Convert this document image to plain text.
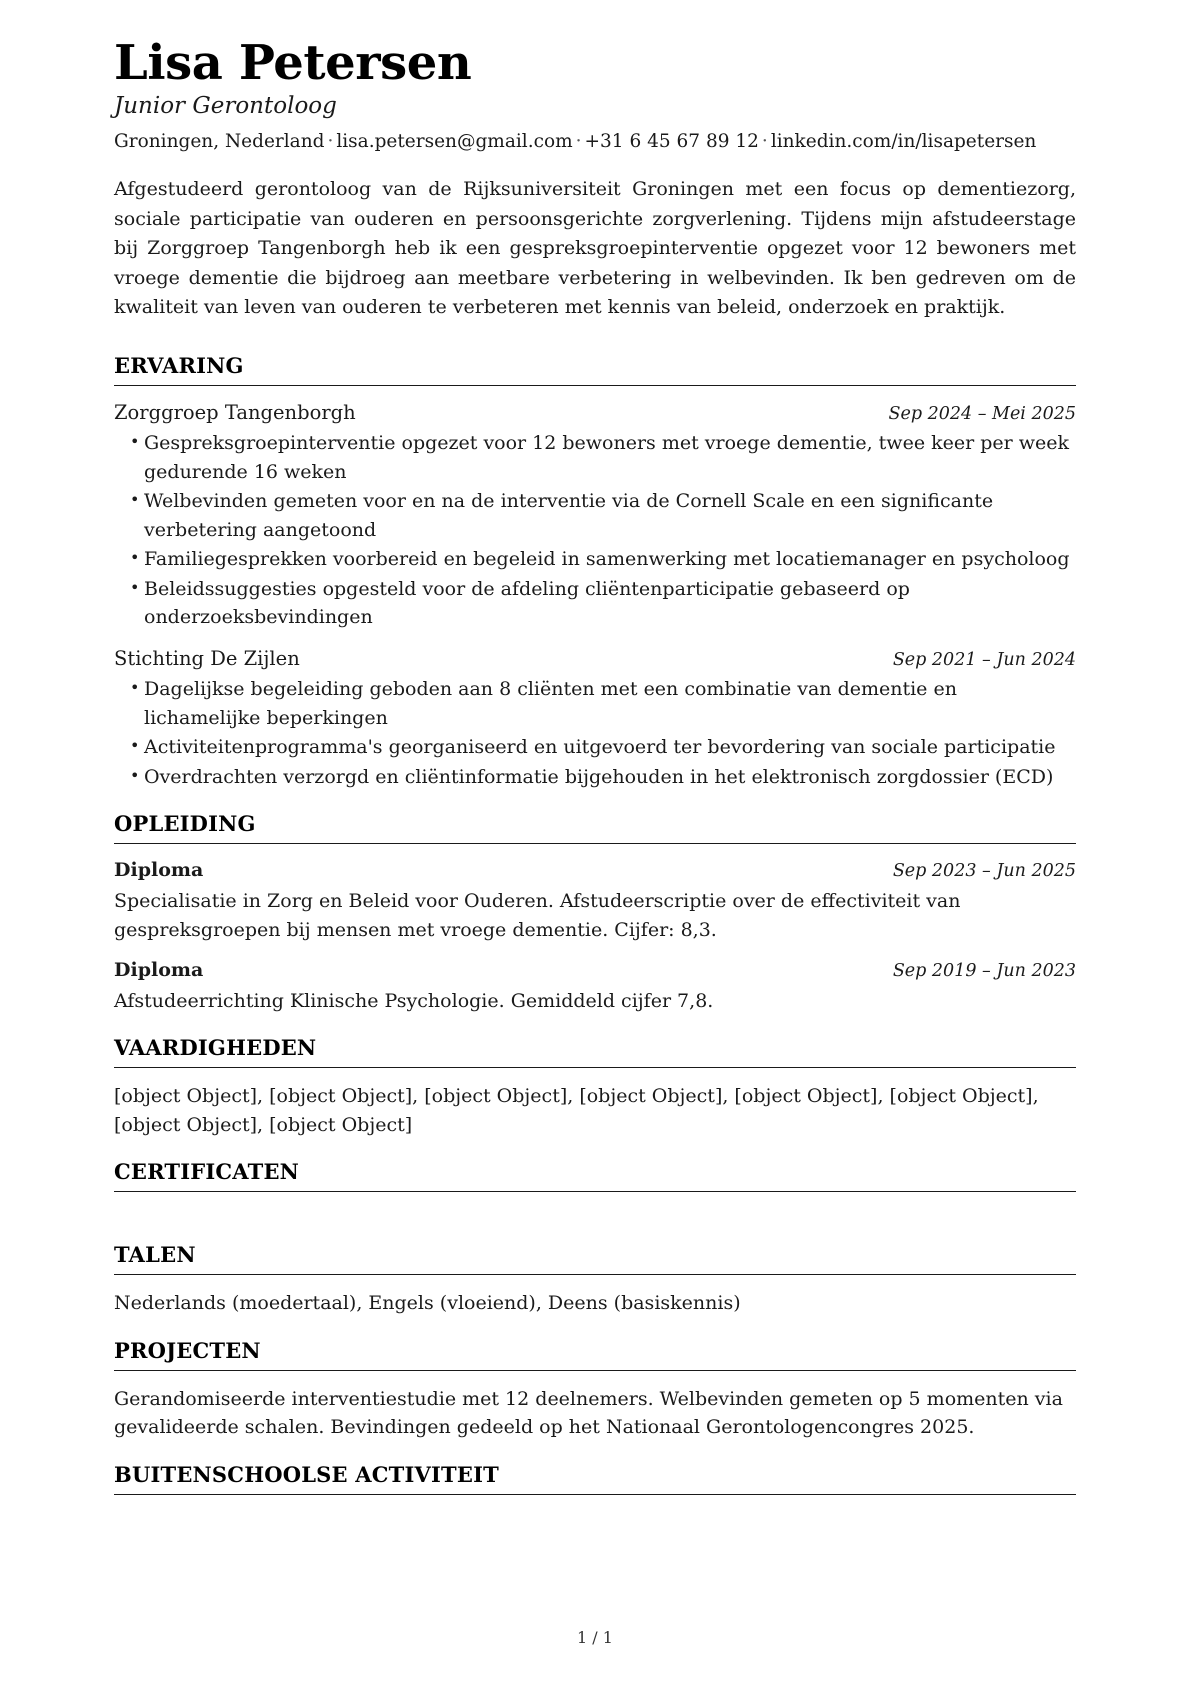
Lisa Petersen
Junior Gerontoloog
Groningen, Nederland · lisa.petersen@gmail.com · +31 6 45 67 89 12 · linkedin.com/in/lisapetersen

Afgestudeerd gerontoloog van de Rijksuniversiteit Groningen met een focus op dementiezorg, sociale participatie van ouderen en persoonsgerichte zorgverlening. Tijdens mijn afstudeerstage bij Zorggroep Tangenborgh heb ik een gespreksgroepinterventie opgezet voor 12 bewoners met vroege dementie die bijdroeg aan meetbare verbetering in welbevinden. Ik ben gedreven om de kwaliteit van leven van ouderen te verbeteren met kennis van beleid, onderzoek en praktijk.

ERVARING
Zorggroep Tangenborgh	Sep 2024 – Mei 2025
• Gespreksgroepinterventie opgezet voor 12 bewoners met vroege dementie, twee keer per week gedurende 16 weken
• Welbevinden gemeten voor en na de interventie via de Cornell Scale en een significante verbetering aangetoond
• Familiegesprekken voorbereid en begeleid in samenwerking met locatiemanager en psycholoog
• Beleidssuggesties opgesteld voor de afdeling cliëntenparticipatie gebaseerd op onderzoeksbevindingen
Stichting De Zijlen	Sep 2021 – Jun 2024
• Dagelijkse begeleiding geboden aan 8 cliënten met een combinatie van dementie en lichamelijke beperkingen
• Activiteitenprogramma's georganiseerd en uitgevoerd ter bevordering van sociale participatie
• Overdrachten verzorgd en cliëntinformatie bijgehouden in het elektronisch zorgdossier (ECD)
OPLEIDING
Diploma	Sep 2023 – Jun 2025

Specialisatie in Zorg en Beleid voor Ouderen. Afstudeerscriptie over de effectiviteit van gespreksgroepen bij mensen met vroege dementie. Cijfer: 8,3.

Diploma	Sep 2019 – Jun 2023

Afstudeerrichting Klinische Psychologie. Gemiddeld cijfer 7,8.

VAARDIGHEDEN

[object Object], [object Object], [object Object], [object Object], [object Object], [object Object], [object Object], [object Object]

CERTIFICATEN

TALEN

Nederlands (moedertaal), Engels (vloeiend), Deens (basiskennis)

PROJECTEN

Gerandomiseerde interventiestudie met 12 deelnemers. Welbevinden gemeten op 5 momenten via gevalideerde schalen. Bevindingen gedeeld op het Nationaal Gerontologencongres 2025.

BUITENSCHOOLSE ACTIVITEIT

1 / 1
